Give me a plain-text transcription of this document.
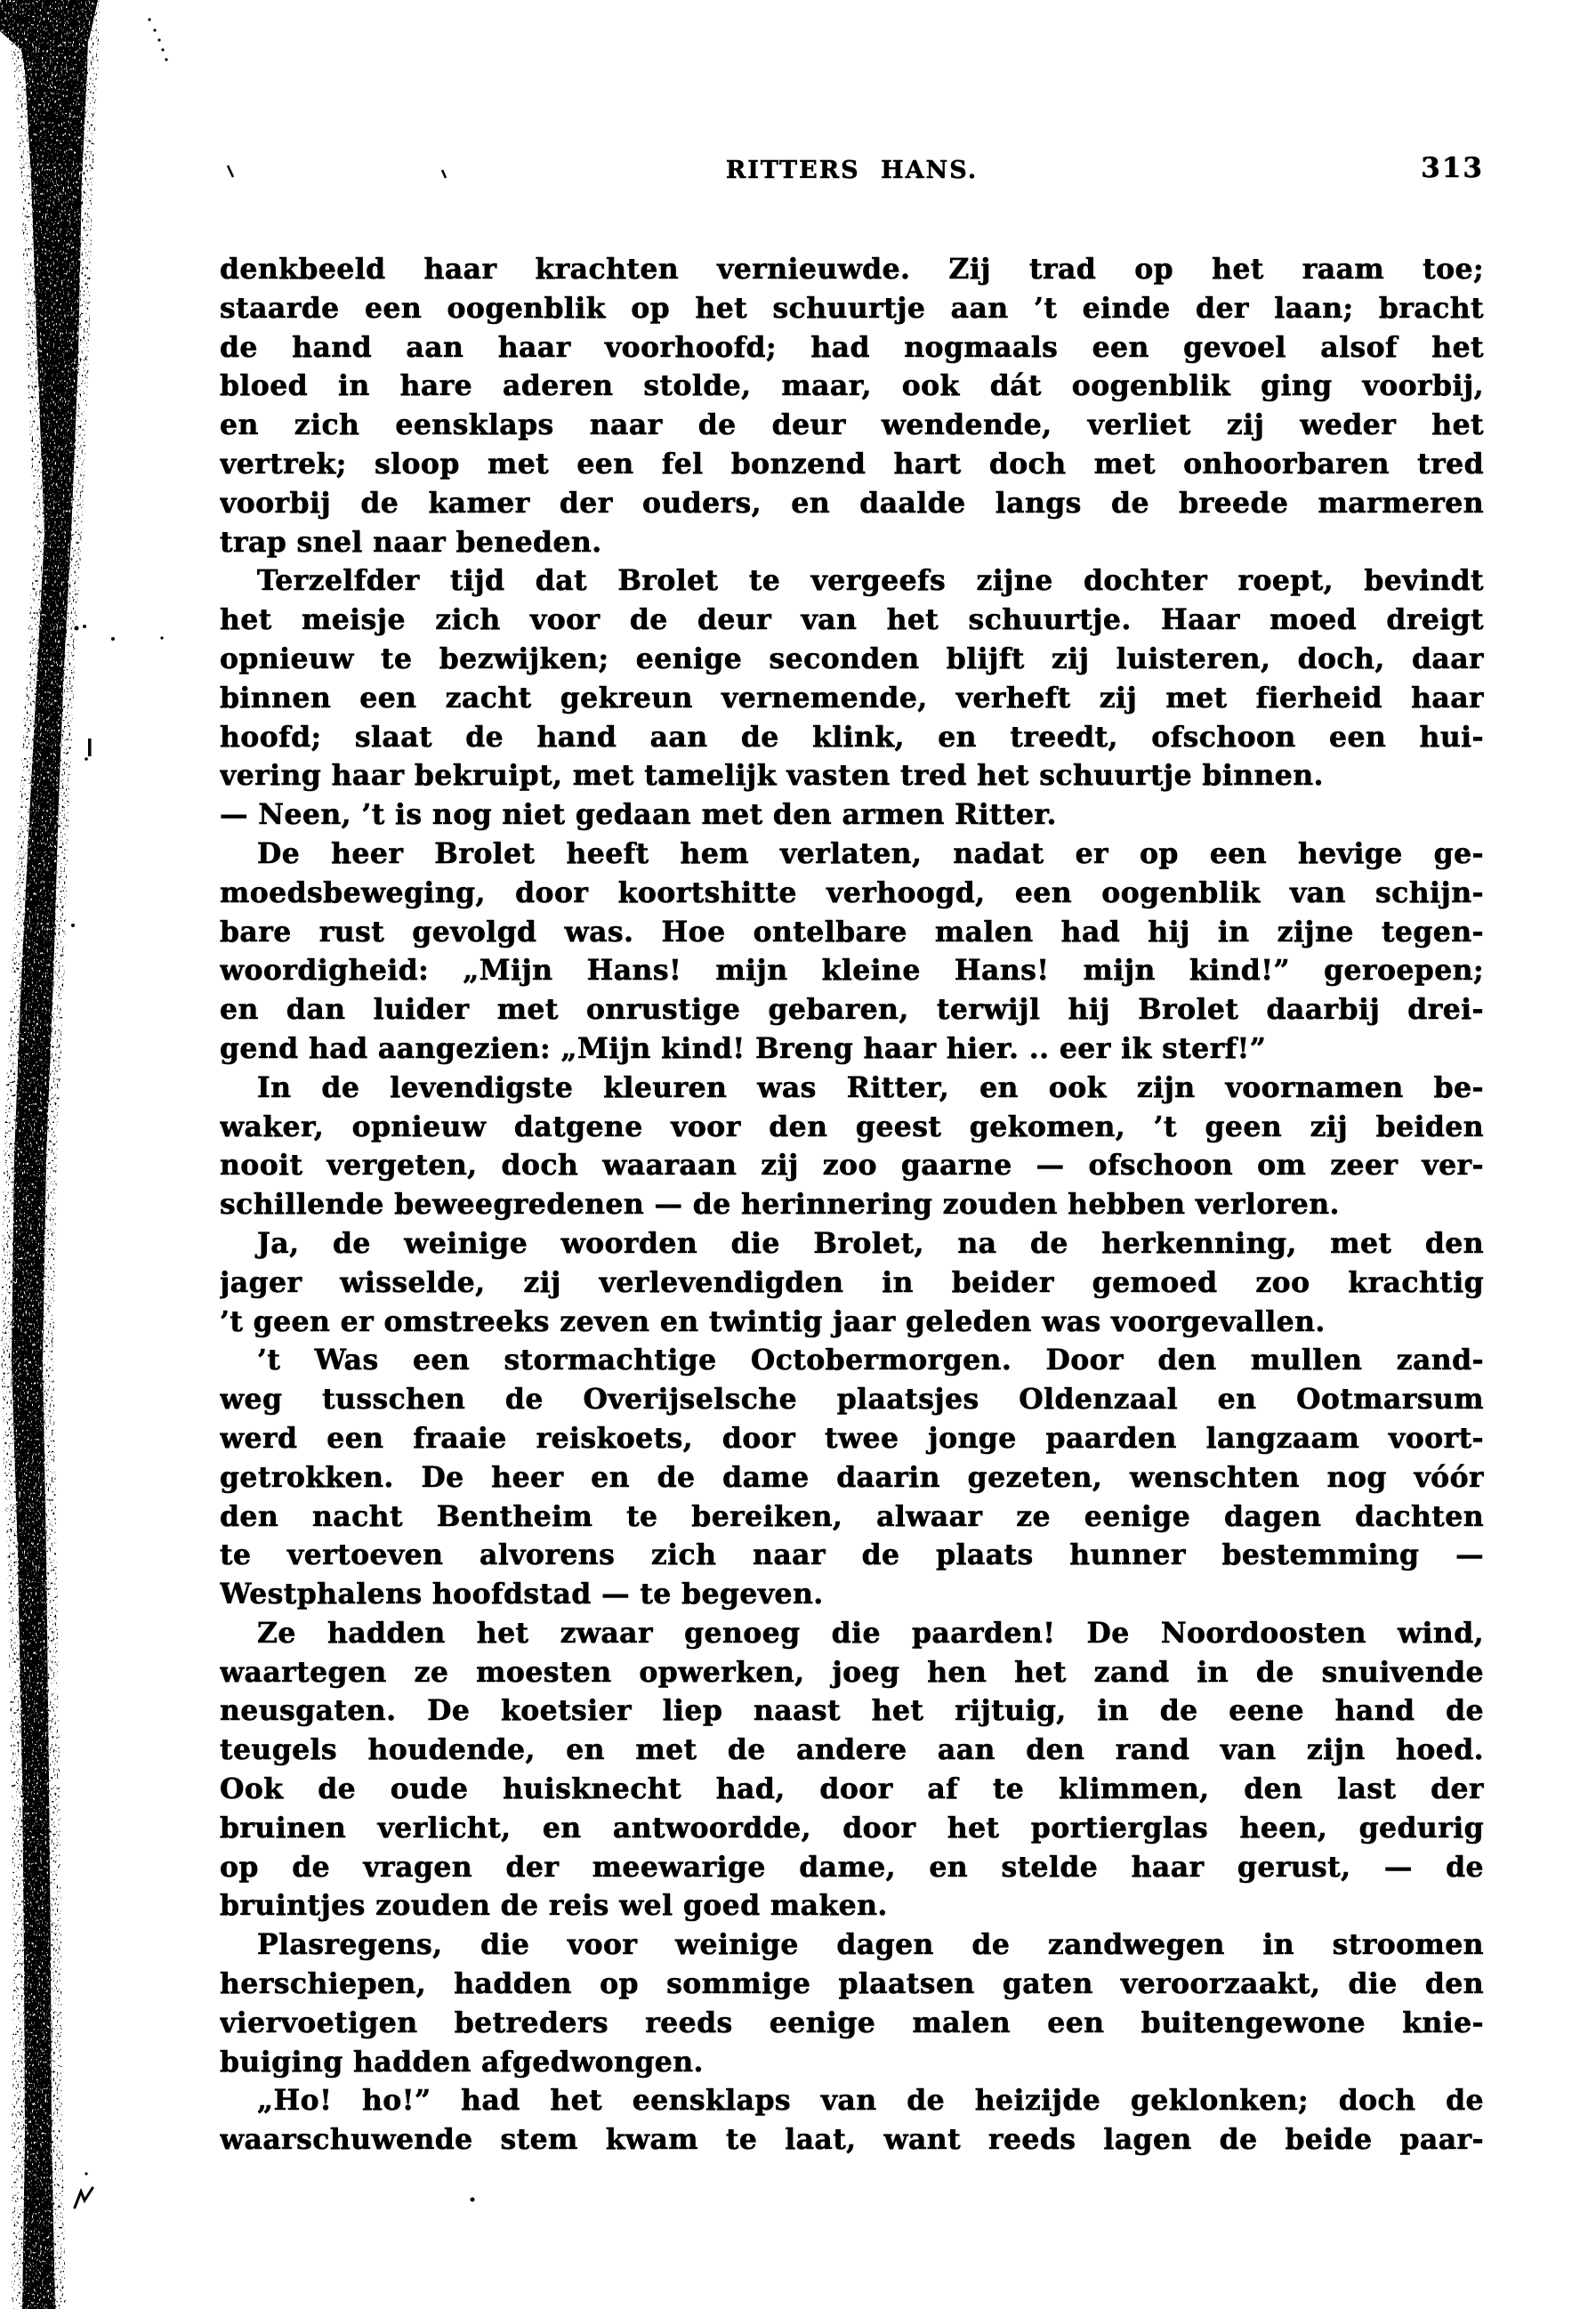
RITTERS HANS.	313
denkbeeld haar krachten vernieuwde. Zij trad op het raam toe;
staarde een oogenblik op het schuurtje aan ’t einde der laan; bracht
de hand aan haar voorhoofd; had nogmaals een gevoel alsof het
bloed in hare aderen stolde, maar, ook dát oogenblik ging voorbij,
en zich eensklaps naar de deur wendende, verliet zij weder het
vertrek; sloop met een fel bonzend hart doch met onhoorbaren tred
voorbij de kamer der ouders, en daalde langs de breede marmeren
trap snel naar beneden.
Terzelfder tijd dat Brolet te vergeefs zijne dochter roept, bevindt
het meisje zich voor de deur van het schuurtje. Haar moed dreigt
opnieuw te bezwijken; eenige seconden blijft zij luisteren, doch, daar
binnen een zacht gekreun vernemende, verheft zij met fierheid haar
hoofd; slaat de hand aan de klink, en treedt, ofschoon een hui-
vering haar bekruipt, met tamelijk vasten tred het schuurtje binnen.
— Neen, ’t is nog niet gedaan met den armen Ritter.
De heer Brolet heeft hem verlaten, nadat er op een hevige ge-
moedsbeweging, door koortshitte verhoogd, een oogenblik van schijn-
bare rust gevolgd was. Hoe ontelbare malen had hij in zijne tegen-
woordigheid: „Mijn Hans! mijn kleine Hans! mijn kind!” geroepen;
en dan luider met onrustige gebaren, terwijl hij Brolet daarbij drei-
gend had aangezien: „Mijn kind! Breng haar hier. .. eer ik sterf!”
In de levendigste kleuren was Ritter, en ook zijn voornamen be-
waker, opnieuw datgene voor den geest gekomen, ’t geen zij beiden
nooit vergeten, doch waaraan zij zoo gaarne — ofschoon om zeer ver-
schillende beweegredenen — de herinnering zouden hebben verloren.
Ja, de weinige woorden die Brolet, na de herkenning, met den
jager wisselde, zij verlevendigden in beider gemoed zoo krachtig
’t geen er omstreeks zeven en twintig jaar geleden was voorgevallen.
’t Was een stormachtige Octobermorgen. Door den mullen zand-
weg tusschen de Overijselsche plaatsjes Oldenzaal en Ootmarsum
werd een fraaie reiskoets, door twee jonge paarden langzaam voort-
getrokken. De heer en de dame daarin gezeten, wenschten nog vóór
den nacht Bentheim te bereiken, alwaar ze eenige dagen dachten
te vertoeven alvorens zich naar de plaats hunner bestemming —
Westphalens hoofdstad — te begeven.
Ze hadden het zwaar genoeg die paarden! De Noordoosten wind,
waartegen ze moesten opwerken, joeg hen het zand in de snuivende
neusgaten. De koetsier liep naast het rijtuig, in de eene hand de
teugels houdende, en met de andere aan den rand van zijn hoed.
Ook de oude huisknecht had, door af te klimmen, den last der
bruinen verlicht, en antwoordde, door het portierglas heen, gedurig
op de vragen der meewarige dame, en stelde haar gerust, — de
bruintjes zouden de reis wel goed maken.
Plasregens, die voor weinige dagen de zandwegen in stroomen
herschiepen, hadden op sommige plaatsen gaten veroorzaakt, die den
viervoetigen betreders reeds eenige malen een buitengewone knie-
buiging hadden afgedwongen.
„Ho! ho!” had het eensklaps van de heizijde geklonken; doch de
waarschuwende stem kwam te laat, want reeds lagen de beide paar-
